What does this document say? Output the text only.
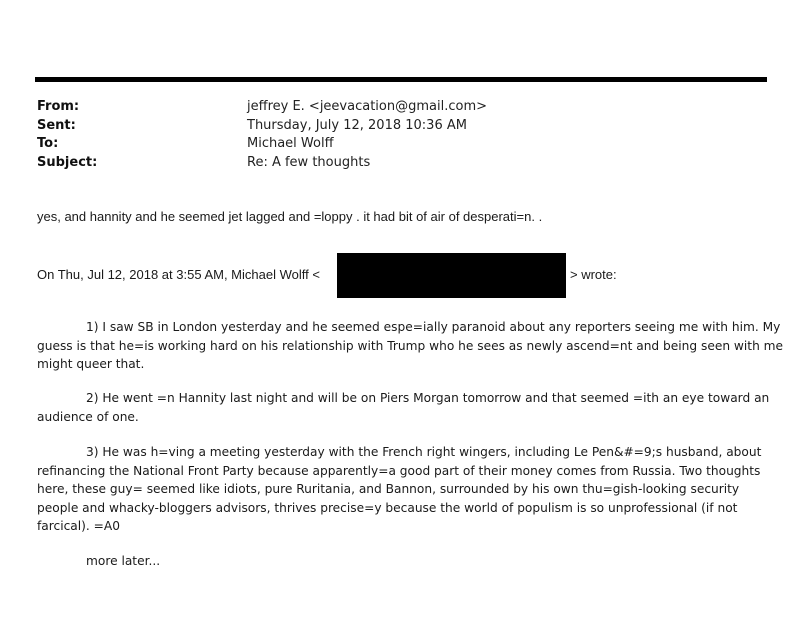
From:	jeffrey E. <jeevacation@gmail.com>
Sent:	Thursday, July 12, 2018 10:36 AM
To:	Michael Wolff
Subject:	Re: A few thoughts
yes, and hannity and he seemed jet lagged and =loppy . it had bit of air of desperati=n. .
On Thu, Jul 12, 2018 at 3:55 AM, Michael Wolff <	> wrote:
1) I saw SB in London yesterday and he seemed espe=ially paranoid about any reporters seeing me with him. My
guess is that he=is working hard on his relationship with Trump who he sees as newly ascend=nt and being seen with me
might queer that.
2) He went =n Hannity last night and will be on Piers Morgan tomorrow and that seemed =ith an eye toward an
audience of one.
3) He was h=ving a meeting yesterday with the French right wingers, including Le Pen&#=9;s husband, about
refinancing the National Front Party because apparently=a good part of their money comes from Russia. Two thoughts
here, these guy= seemed like idiots, pure Ruritania, and Bannon, surrounded by his own thu=gish-looking security
people and whacky-bloggers advisors, thrives precise=y because the world of populism is so unprofessional (if not
farcical). =A0
more later...
